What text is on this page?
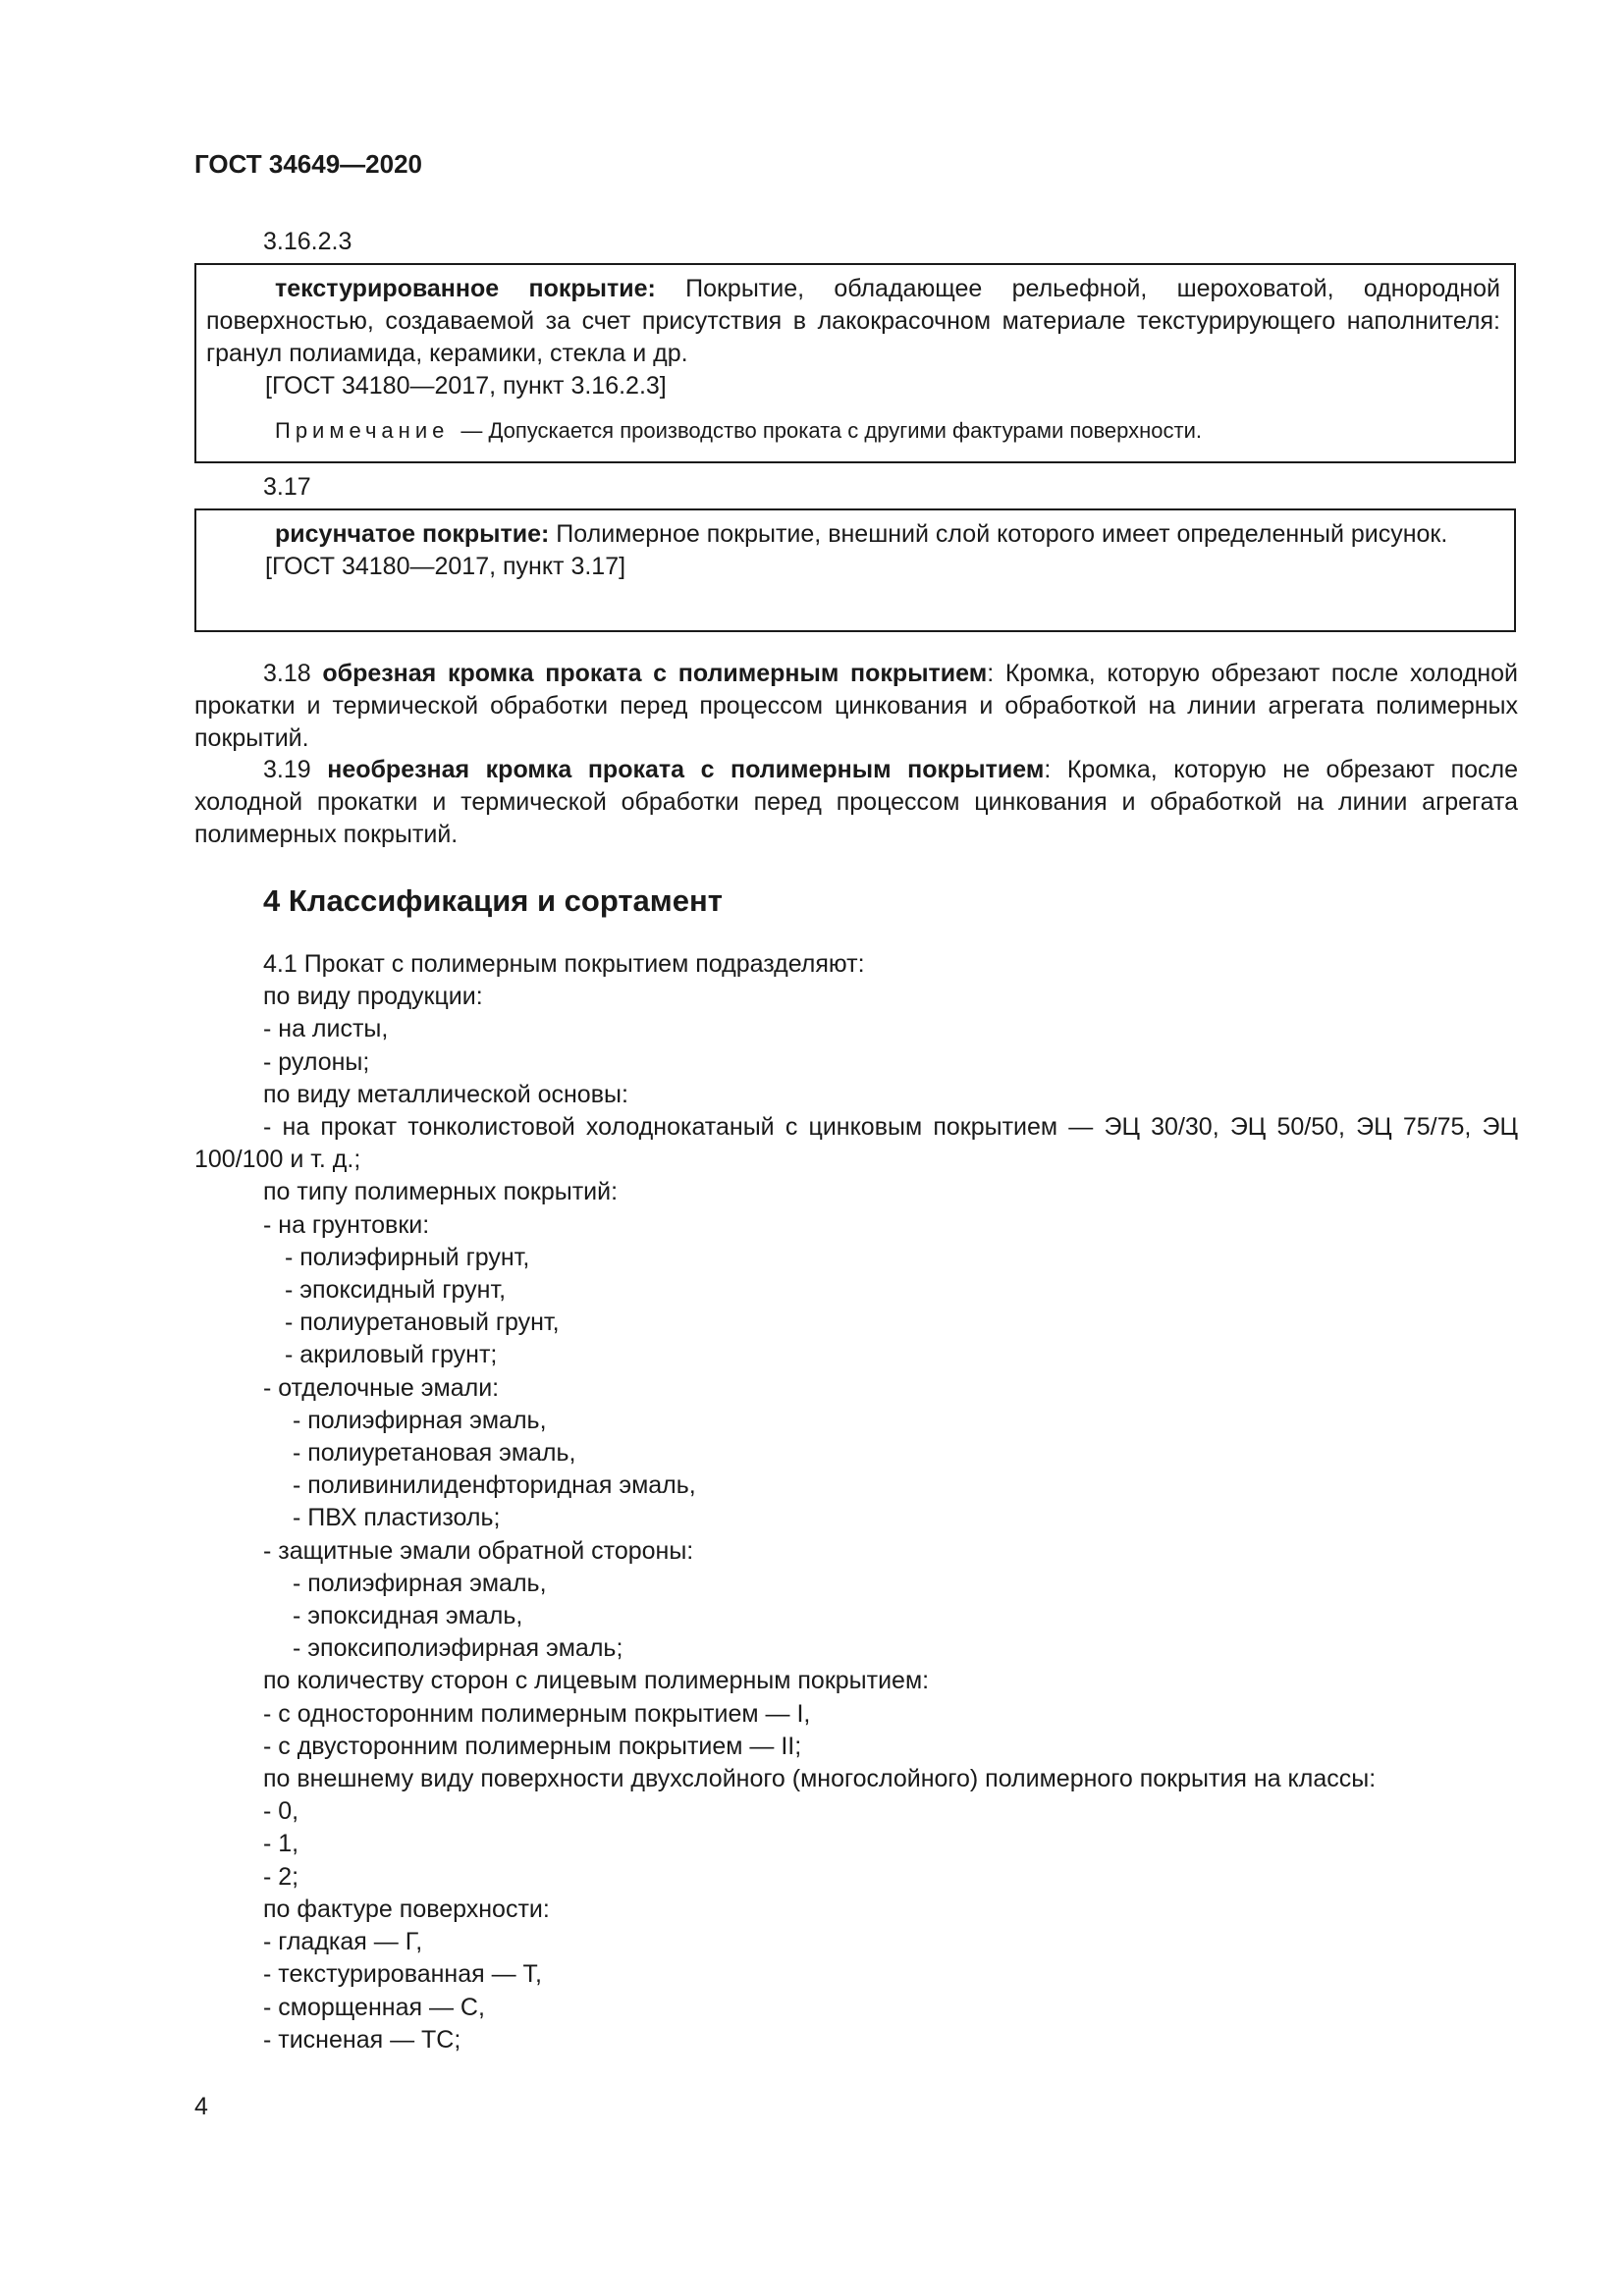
ГОСТ 34649—2020
3.16.2.3

текстурированное покрытие: Покрытие, обладающее рельефной, шероховатой, однородной поверхностью, создаваемой за счет присутствия в лакокрасочном материале текстурирующего наполнителя: гранул полиамида, керамики, стекла и др.

[ГОСТ 34180—2017, пункт 3.16.2.3]

Примечание — Допускается производство проката с другими фактурами поверхности.

3.17

рисунчатое покрытие: Полимерное покрытие, внешний слой которого имеет определенный рисунок.

[ГОСТ 34180—2017, пункт 3.17]

3.18 обрезная кромка проката с полимерным покрытием: Кромка, которую обрезают после холодной прокатки и термической обработки перед процессом цинкования и обработкой на линии агрегата полимерных покрытий.

3.19 необрезная кромка проката с полимерным покрытием: Кромка, которую не обрезают после холодной прокатки и термической обработки перед процессом цинкования и обработкой на линии агрегата полимерных покрытий.

4 Классификация и сортамент

4.1 Прокат с полимерным покрытием подразделяют:

по виду продукции:

- на листы,

- рулоны;

по виду металлической основы:

- на прокат тонколистовой холоднокатаный с цинковым покрытием — ЭЦ 30/30, ЭЦ 50/50, ЭЦ 75/75, ЭЦ 100/100 и т. д.;

по типу полимерных покрытий:

- на грунтовки:

- полиэфирный грунт,

- эпоксидный грунт,

- полиуретановый грунт,

- акриловый грунт;

- отделочные эмали:

- полиэфирная эмаль,

- полиуретановая эмаль,

- поливинилиденфторидная эмаль,

- ПВХ пластизоль;

- защитные эмали обратной стороны:

- полиэфирная эмаль,

- эпоксидная эмаль,

- эпоксиполиэфирная эмаль;

по количеству сторон с лицевым полимерным покрытием:

- с односторонним полимерным покрытием — I,

- с двусторонним полимерным покрытием — II;

по внешнему виду поверхности двухслойного (многослойного) полимерного покрытия на классы:

- 0,

- 1,

- 2;

по фактуре поверхности:

- гладкая — Г,

- текстурированная — Т,

- сморщенная — С,

- тисненая — ТС;

4
